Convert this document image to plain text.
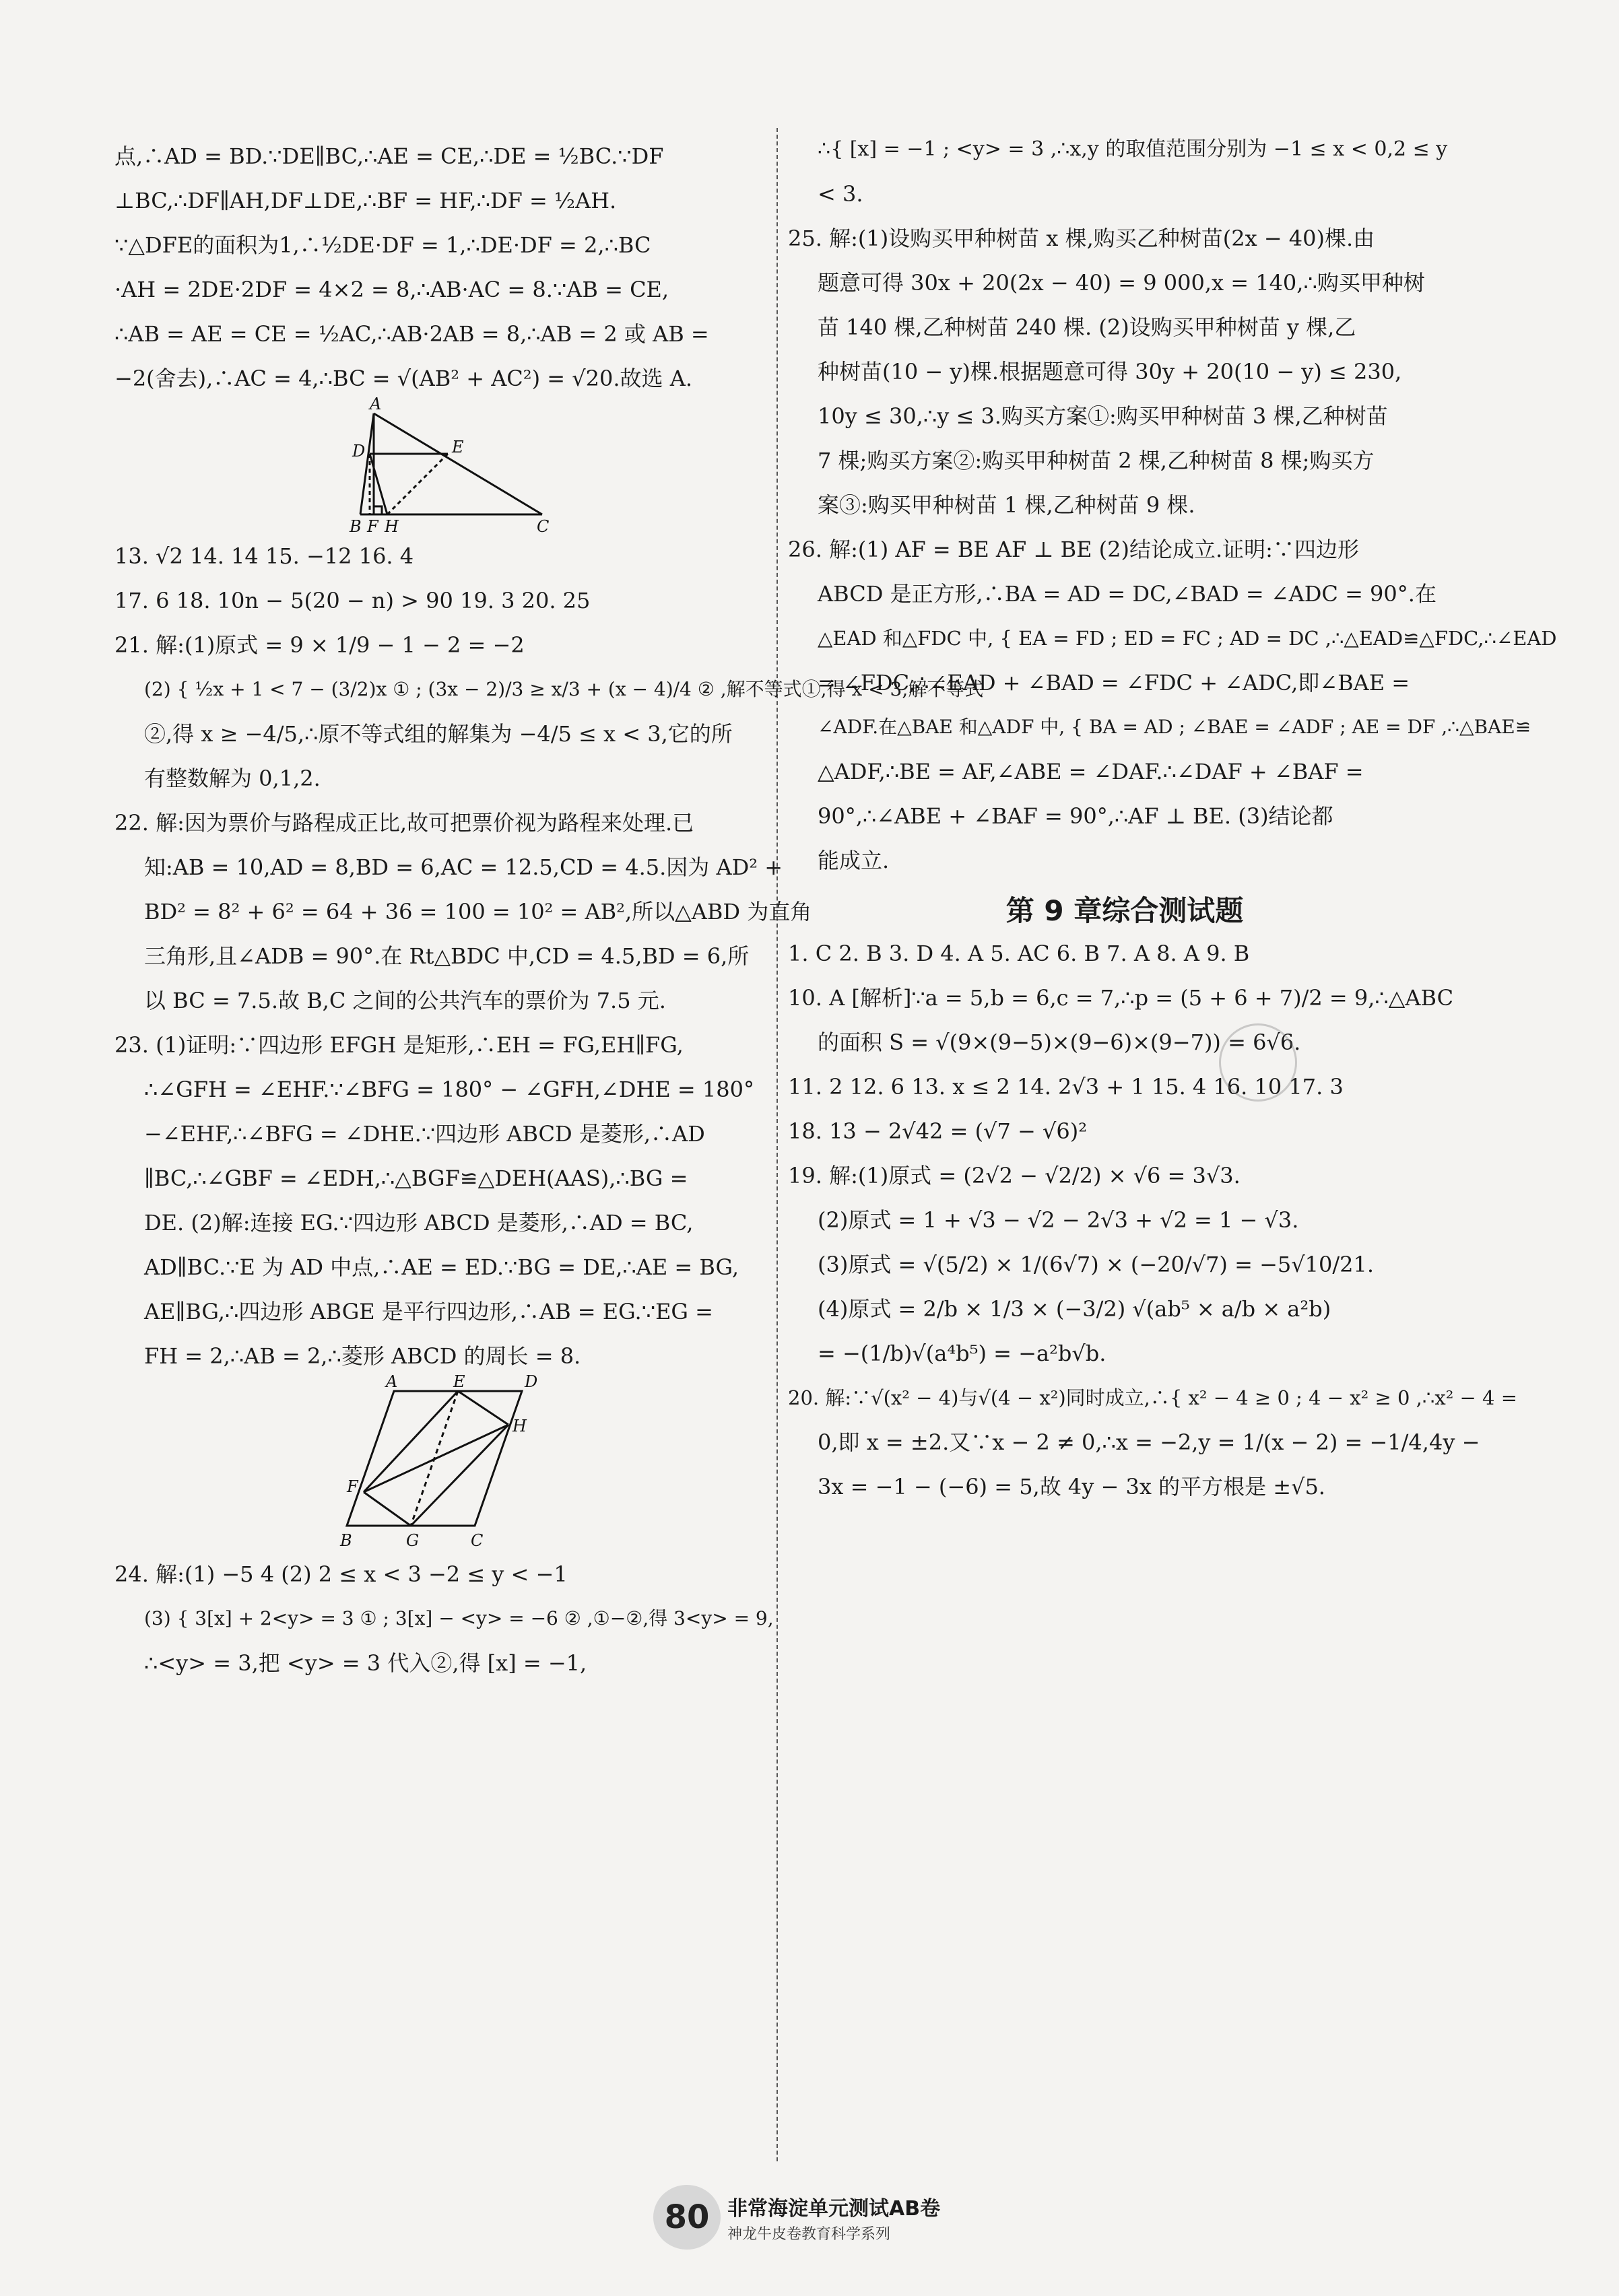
点,∴AD = BD.∵DE∥BC,∴AE = CE,∴DE = ½BC.∵DF
⊥BC,∴DF∥AH,DF⊥DE,∴BF = HF,∴DF = ½AH.
∵△DFE的面积为1,∴½DE·DF = 1,∴DE·DF = 2,∴BC
·AH = 2DE·2DF = 4×2 = 8,∴AB·AC = 8.∵AB = CE,
∴AB = AE = CE = ½AC,∴AB·2AB = 8,∴AB = 2 或 AB =
−2(舍去),∴AC = 4,∴BC = √(AB² + AC²) = √20.故选 A.
A
D	E
B F H	C
13. √2 14. 14 15. −12 16. 4
17. 6 18. 10n − 5(20 − n) > 90 19. 3 20. 25
21. 解:(1)原式 = 9 × 1/9 − 1 − 2 = −2
(2) { ½x + 1 < 7 − (3/2)x ① ; (3x − 2)/3 ≥ x/3 + (x − 4)/4 ② ,解不等式①,得 x < 3,解不等式
②,得 x ≥ −4/5,∴原不等式组的解集为 −4/5 ≤ x < 3,它的所
有整数解为 0,1,2.
22. 解:因为票价与路程成正比,故可把票价视为路程来处理.已
知:AB = 10,AD = 8,BD = 6,AC = 12.5,CD = 4.5.因为 AD² +
BD² = 8² + 6² = 64 + 36 = 100 = 10² = AB²,所以△ABD 为直角
三角形,且∠ADB = 90°.在 Rt△BDC 中,CD = 4.5,BD = 6,所
以 BC = 7.5.故 B,C 之间的公共汽车的票价为 7.5 元.
23. (1)证明:∵四边形 EFGH 是矩形,∴EH = FG,EH∥FG,
∴∠GFH = ∠EHF.∵∠BFG = 180° − ∠GFH,∠DHE = 180°
−∠EHF,∴∠BFG = ∠DHE.∵四边形 ABCD 是菱形,∴AD
∥BC,∴∠GBF = ∠EDH,∴△BGF≌△DEH(AAS),∴BG =
DE. (2)解:连接 EG.∵四边形 ABCD 是菱形,∴AD = BC,
AD∥BC.∵E 为 AD 中点,∴AE = ED.∵BG = DE,∴AE = BG,
AE∥BG,∴四边形 ABGE 是平行四边形,∴AB = EG.∵EG =
FH = 2,∴AB = 2,∴菱形 ABCD 的周长 = 8.
A	E	D
H
F
B	G	C
24. 解:(1) −5 4 (2) 2 ≤ x < 3 −2 ≤ y < −1
(3) { 3[x] + 2<y> = 3 ① ; 3[x] − <y> = −6 ② ,①−②,得 3<y> = 9,
∴<y> = 3,把 <y> = 3 代入②,得 [x] = −1,
∴{ [x] = −1 ; <y> = 3 ,∴x,y 的取值范围分别为 −1 ≤ x < 0,2 ≤ y
< 3.
25. 解:(1)设购买甲种树苗 x 棵,购买乙种树苗(2x − 40)棵.由
题意可得 30x + 20(2x − 40) = 9 000,x = 140,∴购买甲种树
苗 140 棵,乙种树苗 240 棵. (2)设购买甲种树苗 y 棵,乙
种树苗(10 − y)棵.根据题意可得 30y + 20(10 − y) ≤ 230,
10y ≤ 30,∴y ≤ 3.购买方案①:购买甲种树苗 3 棵,乙种树苗
7 棵;购买方案②:购买甲种树苗 2 棵,乙种树苗 8 棵;购买方
案③:购买甲种树苗 1 棵,乙种树苗 9 棵.
26. 解:(1) AF = BE AF ⊥ BE (2)结论成立.证明:∵四边形
ABCD 是正方形,∴BA = AD = DC,∠BAD = ∠ADC = 90°.在
△EAD 和△FDC 中, { EA = FD ; ED = FC ; AD = DC ,∴△EAD≌△FDC,∴∠EAD
= ∠FDC,∴∠EAD + ∠BAD = ∠FDC + ∠ADC,即∠BAE =
∠ADF.在△BAE 和△ADF 中, { BA = AD ; ∠BAE = ∠ADF ; AE = DF ,∴△BAE≌
△ADF,∴BE = AF,∠ABE = ∠DAF.∴∠DAF + ∠BAF =
90°,∴∠ABE + ∠BAF = 90°,∴AF ⊥ BE. (3)结论都
能成立.
第 9 章综合测试题
1. C 2. B 3. D 4. A 5. AC 6. B 7. A 8. A 9. B
10. A [解析]∵a = 5,b = 6,c = 7,∴p = (5 + 6 + 7)/2 = 9,∴△ABC
的面积 S = √(9×(9−5)×(9−6)×(9−7)) = 6√6.
11. 2 12. 6 13. x ≤ 2 14. 2√3 + 1 15. 4 16. 10 17. 3
18. 13 − 2√42 = (√7 − √6)²
19. 解:(1)原式 = (2√2 − √2/2) × √6 = 3√3.
(2)原式 = 1 + √3 − √2 − 2√3 + √2 = 1 − √3.
(3)原式 = √(5/2) × 1/(6√7) × (−20/√7) = −5√10/21.
(4)原式 = 2/b × 1/3 × (−3/2) √(ab⁵ × a/b × a²b)
= −(1/b)√(a⁴b⁵) = −a²b√b.
20. 解:∵√(x² − 4)与√(4 − x²)同时成立,∴{ x² − 4 ≥ 0 ; 4 − x² ≥ 0 ,∴x² − 4 =
0,即 x = ±2.又∵x − 2 ≠ 0,∴x = −2,y = 1/(x − 2) = −1/4,4y −
3x = −1 − (−6) = 5,故 4y − 3x 的平方根是 ±√5.
80 非常海淀单元测试AB卷
神龙牛皮卷教育科学系列
